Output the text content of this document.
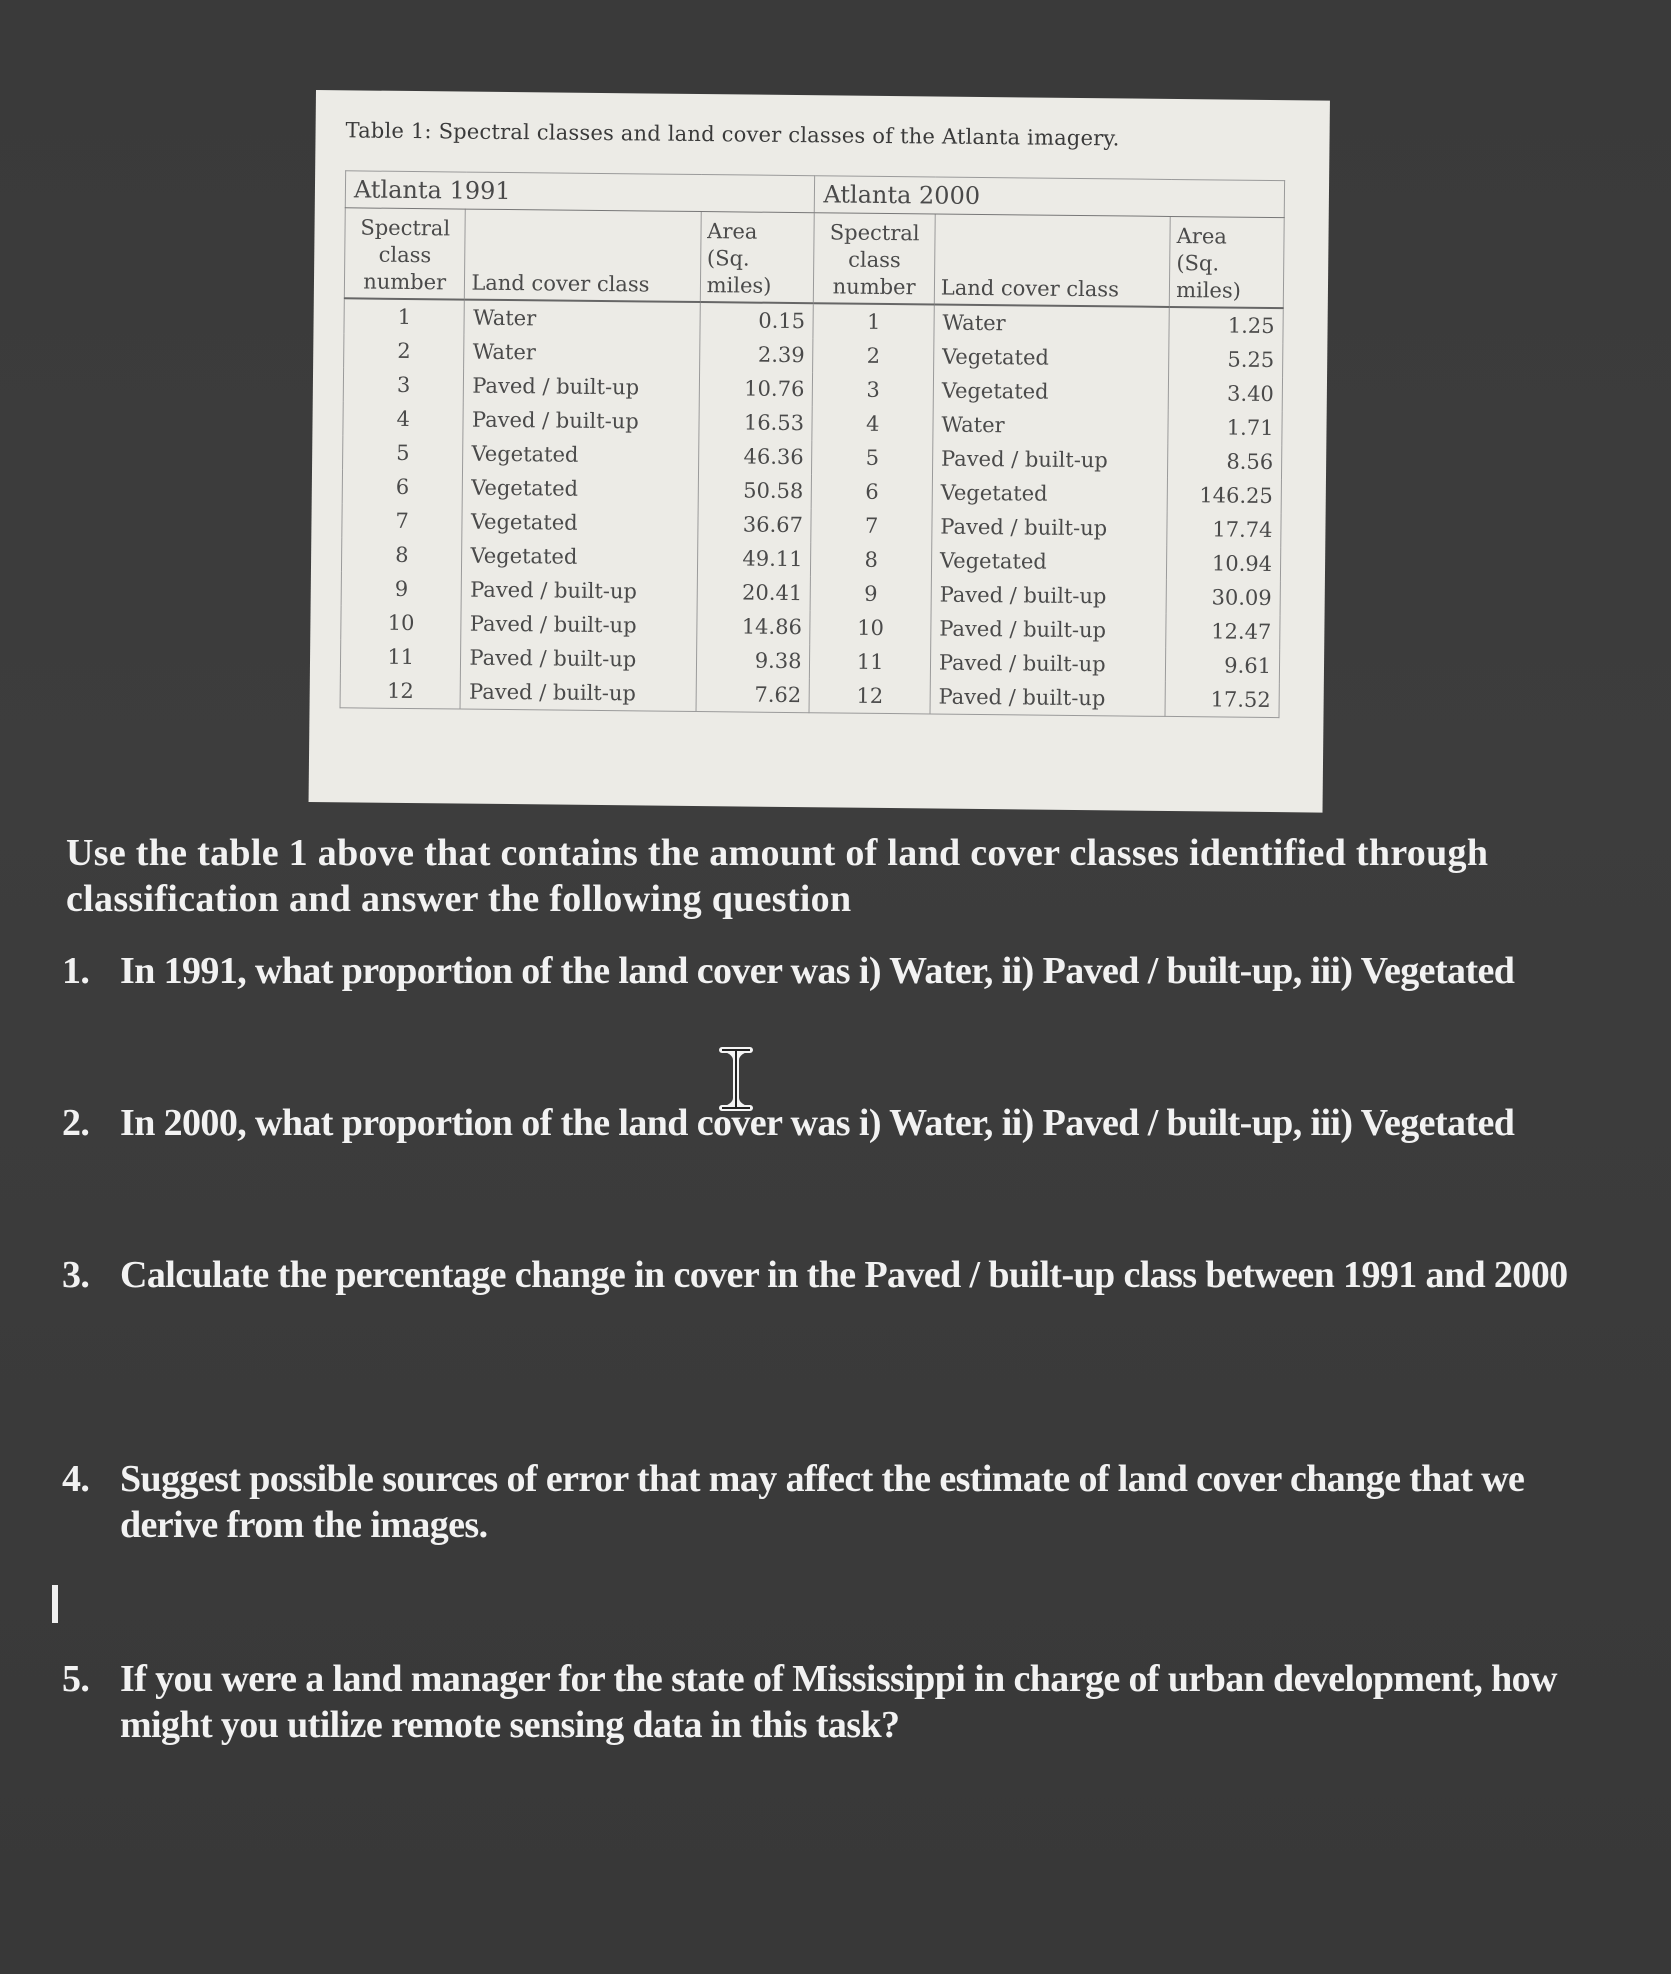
Table 1: Spectral classes and land cover classes of the Atlanta imagery.
Atlanta 1991			Atlanta 2000		
Spectral
class
number	Land cover class	Area
(Sq.
miles)	Spectral
class
number	Land cover class	Area
(Sq.
miles)
1	Water	0.15	1	Water	1.25
2	Water	2.39	2	Vegetated	5.25
3	Paved / built-up	10.76	3	Vegetated	3.40
4	Paved / built-up	16.53	4	Water	1.71
5	Vegetated	46.36	5	Paved / built-up	8.56
6	Vegetated	50.58	6	Vegetated	146.25
7	Vegetated	36.67	7	Paved / built-up	17.74
8	Vegetated	49.11	8	Vegetated	10.94
9	Paved / built-up	20.41	9	Paved / built-up	30.09
10	Paved / built-up	14.86	10	Paved / built-up	12.47
11	Paved / built-up	9.38	11	Paved / built-up	9.61
12	Paved / built-up	7.62	12	Paved / built-up	17.52
Use the table 1 above that contains the amount of land cover classes identified through classification and answer the following question
1. In 1991, what proportion of the land cover was i) Water, ii) Paved / built-up, iii) Vegetated
2. In 2000, what proportion of the land cover was i) Water, ii) Paved / built-up, iii) Vegetated
3. Calculate the percentage change in cover in the Paved / built-up class between 1991 and 2000
4. Suggest possible sources of error that may affect the estimate of land cover change that we derive from the images.
5. If you were a land manager for the state of Mississippi in charge of urban development, how might you utilize remote sensing data in this task?
